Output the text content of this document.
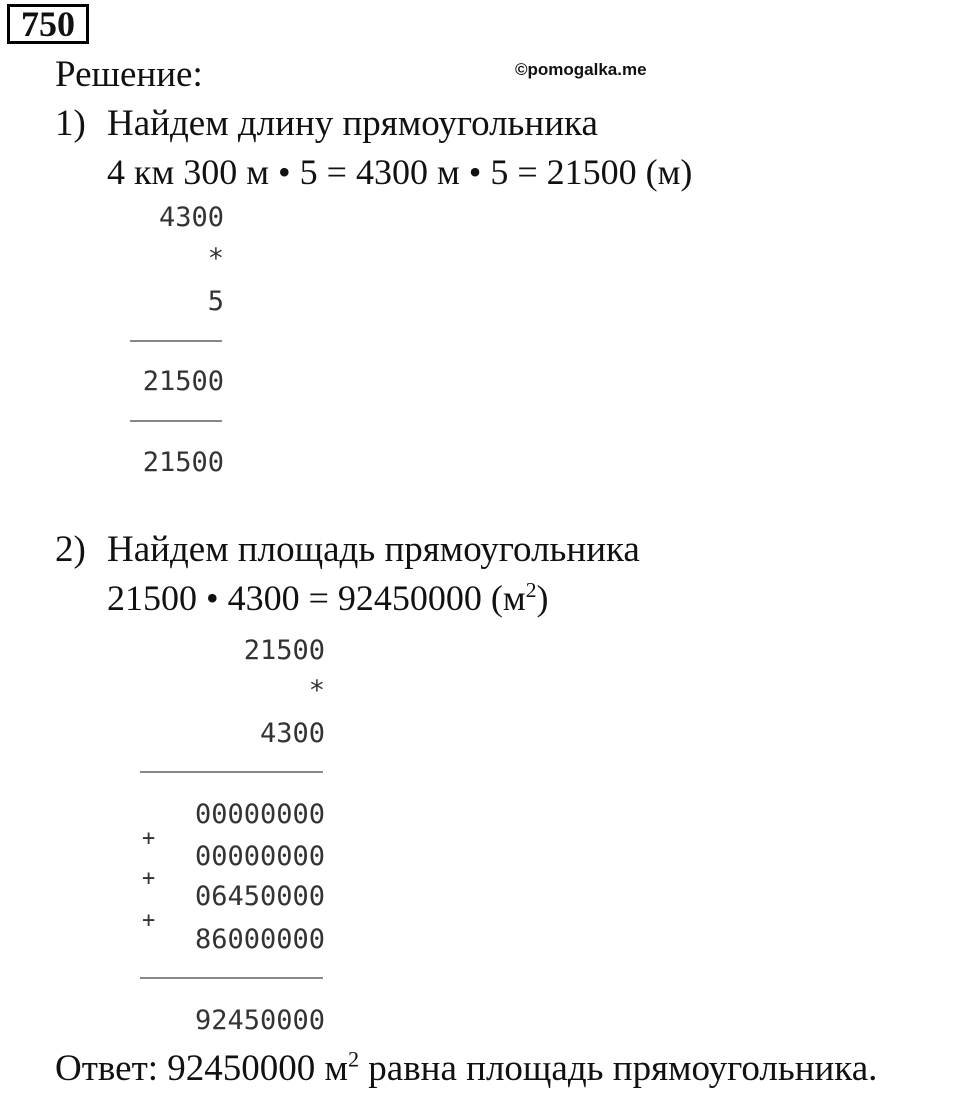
750
©pomogalka.me
Решение:
1) Найдем длину прямоугольника
4 км 300 м • 5 = 4300 м • 5 = 21500 (м)
4300
*
5
21500
21500
2) Найдем площадь прямоугольника
21500 • 4300 = 92450000 $(м^2)$
21500
*
4300
00000000
+
00000000
+
06450000
+
86000000
92450000
Ответ: 92450000 $м^2$ равна площадь прямоугольника.
